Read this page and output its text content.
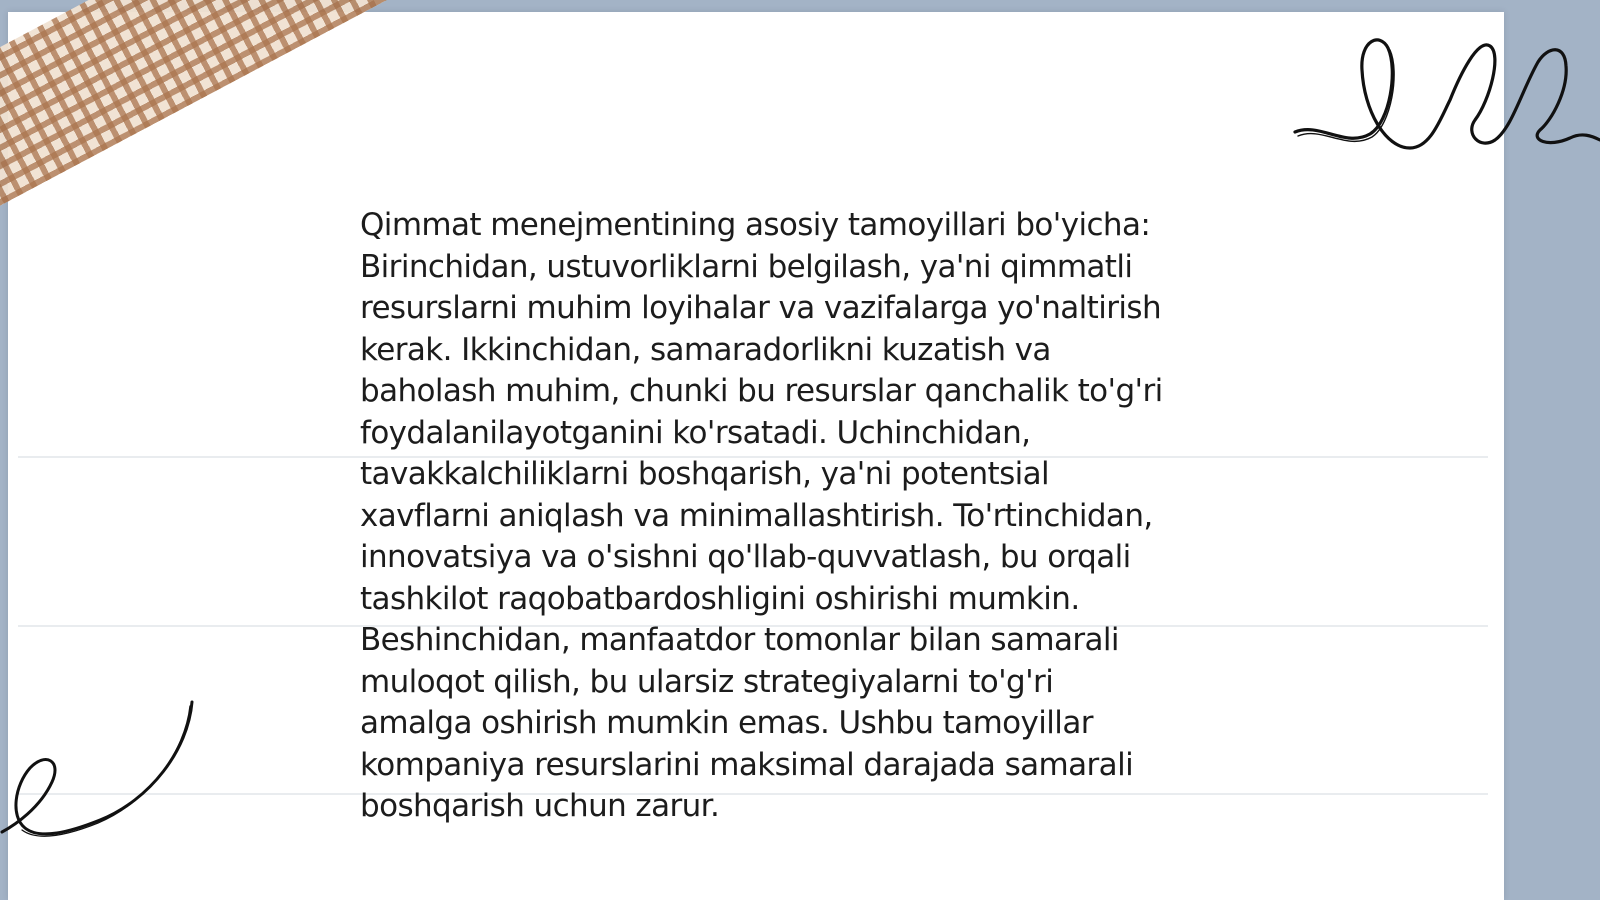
Qimmat menejmentining asosiy tamoyillari bo'yicha:
Birinchidan, ustuvorliklarni belgilash, ya'ni qimmatli
resurslarni muhim loyihalar va vazifalarga yo'naltirish
kerak. Ikkinchidan, samaradorlikni kuzatish va
baholash muhim, chunki bu resurslar qanchalik to'g'ri
foydalanilayotganini ko'rsatadi. Uchinchidan,
tavakkalchiliklarni boshqarish, ya'ni potentsial
xavflarni aniqlash va minimallashtirish. To'rtinchidan,
innovatsiya va o'sishni qo'llab-quvvatlash, bu orqali
tashkilot raqobatbardoshligini oshirishi mumkin.
Beshinchidan, manfaatdor tomonlar bilan samarali
muloqot qilish, bu ularsiz strategiyalarni to'g'ri
amalga oshirish mumkin emas. Ushbu tamoyillar
kompaniya resurslarini maksimal darajada samarali
boshqarish uchun zarur.
